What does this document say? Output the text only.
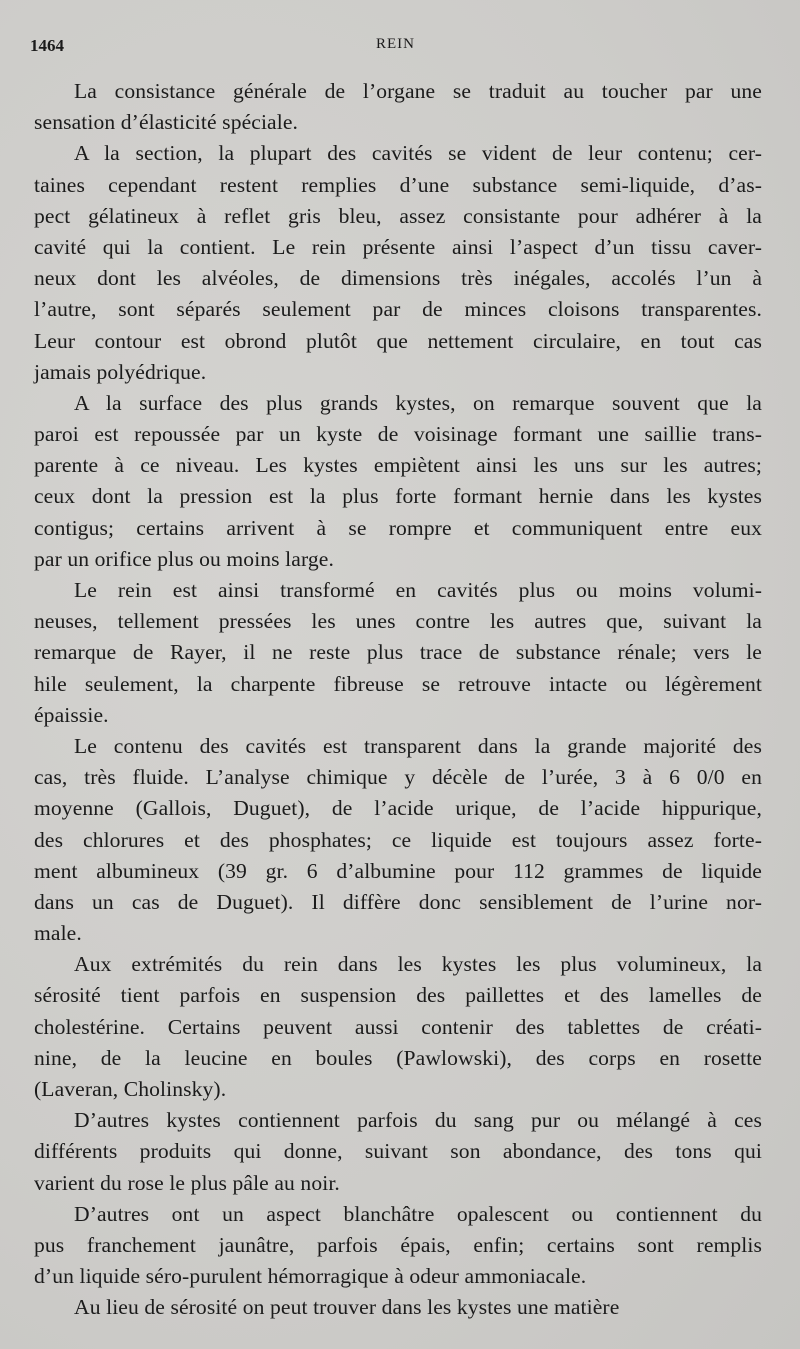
1464	REIN
La consistance générale de l’organe se traduit au toucher par une
sensation d’élasticité spéciale.
A la section, la plupart des cavités se vident de leur contenu; cer-
taines cependant restent remplies d’une substance semi-liquide, d’as-
pect gélatineux à reflet gris bleu, assez consistante pour adhérer à la
cavité qui la contient. Le rein présente ainsi l’aspect d’un tissu caver-
neux dont les alvéoles, de dimensions très inégales, accolés l’un à
l’autre, sont séparés seulement par de minces cloisons transparentes.
Leur contour est obrond plutôt que nettement circulaire, en tout cas
jamais polyédrique.
A la surface des plus grands kystes, on remarque souvent que la
paroi est repoussée par un kyste de voisinage formant une saillie trans-
parente à ce niveau. Les kystes empiètent ainsi les uns sur les autres;
ceux dont la pression est la plus forte formant hernie dans les kystes
contigus; certains arrivent à se rompre et communiquent entre eux
par un orifice plus ou moins large.
Le rein est ainsi transformé en cavités plus ou moins volumi-
neuses, tellement pressées les unes contre les autres que, suivant la
remarque de Rayer, il ne reste plus trace de substance rénale; vers le
hile seulement, la charpente fibreuse se retrouve intacte ou légèrement
épaissie.
Le contenu des cavités est transparent dans la grande majorité des
cas, très fluide. L’analyse chimique y décèle de l’urée, 3 à 6 0/0 en
moyenne (Gallois, Duguet), de l’acide urique, de l’acide hippurique,
des chlorures et des phosphates; ce liquide est toujours assez forte-
ment albumineux (39 gr. 6 d’albumine pour 112 grammes de liquide
dans un cas de Duguet). Il diffère donc sensiblement de l’urine nor-
male.
Aux extrémités du rein dans les kystes les plus volumineux, la
sérosité tient parfois en suspension des paillettes et des lamelles de
cholestérine. Certains peuvent aussi contenir des tablettes de créati-
nine, de la leucine en boules (Pawlowski), des corps en rosette
(Laveran, Cholinsky).
D’autres kystes contiennent parfois du sang pur ou mélangé à ces
différents produits qui donne, suivant son abondance, des tons qui
varient du rose le plus pâle au noir.
D’autres ont un aspect blanchâtre opalescent ou contiennent du
pus franchement jaunâtre, parfois épais, enfin; certains sont remplis
d’un liquide séro-purulent hémorragique à odeur ammoniacale.
Au lieu de sérosité on peut trouver dans les kystes une matière
